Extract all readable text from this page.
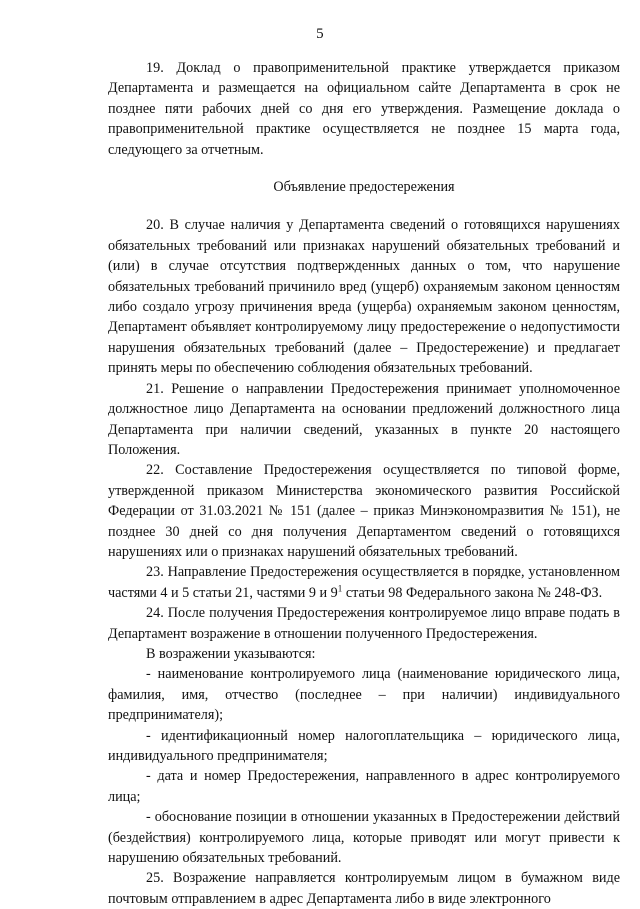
5

19. Доклад о правоприменительной практике утверждается приказом Департамента и размещается на официальном сайте Департамента в срок не позднее пяти рабочих дней со дня его утверждения. Размещение доклада о правоприменительной практике осуществляется не позднее 15 марта года, следующего за отчетным.

Объявление предостережения

20. В случае наличия у Департамента сведений о готовящихся нарушениях обязательных требований или признаках нарушений обязательных требований и (или) в случае отсутствия подтвержденных данных о том, что нарушение обязательных требований причинило вред (ущерб) охраняемым законом ценностям либо создало угрозу причинения вреда (ущерба) охраняемым законом ценностям, Департамент объявляет контролируемому лицу предостережение о недопустимости нарушения обязательных требований (далее – Предостережение) и предлагает принять меры по обеспечению соблюдения обязательных требований.

21. Решение о направлении Предостережения принимает уполномоченное должностное лицо Департамента на основании предложений должностного лица Департамента при наличии сведений, указанных в пункте 20 настоящего Положения.

22. Составление Предостережения осуществляется по типовой форме, утвержденной приказом Министерства экономического развития Российской Федерации от 31.03.2021 № 151 (далее – приказ Минэкономразвития № 151), не позднее 30 дней со дня получения Департаментом сведений о готовящихся нарушениях или о признаках нарушений обязательных требований.

23. Направление Предостережения осуществляется в порядке, установленном частями 4 и 5 статьи 21, частями 9 и $9^1$ статьи 98 Федерального закона № 248-ФЗ.

24. После получения Предостережения контролируемое лицо вправе подать в Департамент возражение в отношении полученного Предостережения.

В возражении указываются:

- наименование контролируемого лица (наименование юридического лица, фамилия, имя, отчество (последнее – при наличии) индивидуального предпринимателя);

- идентификационный номер налогоплательщика – юридического лица, индивидуального предпринимателя;

- дата и номер Предостережения, направленного в адрес контролируемого лица;

- обоснование позиции в отношении указанных в Предостережении действий (бездействия) контролируемого лица, которые приводят или могут привести к нарушению обязательных требований.

25. Возражение направляется контролируемым лицом в бумажном виде почтовым отправлением в адрес Департамента либо в виде электронного
